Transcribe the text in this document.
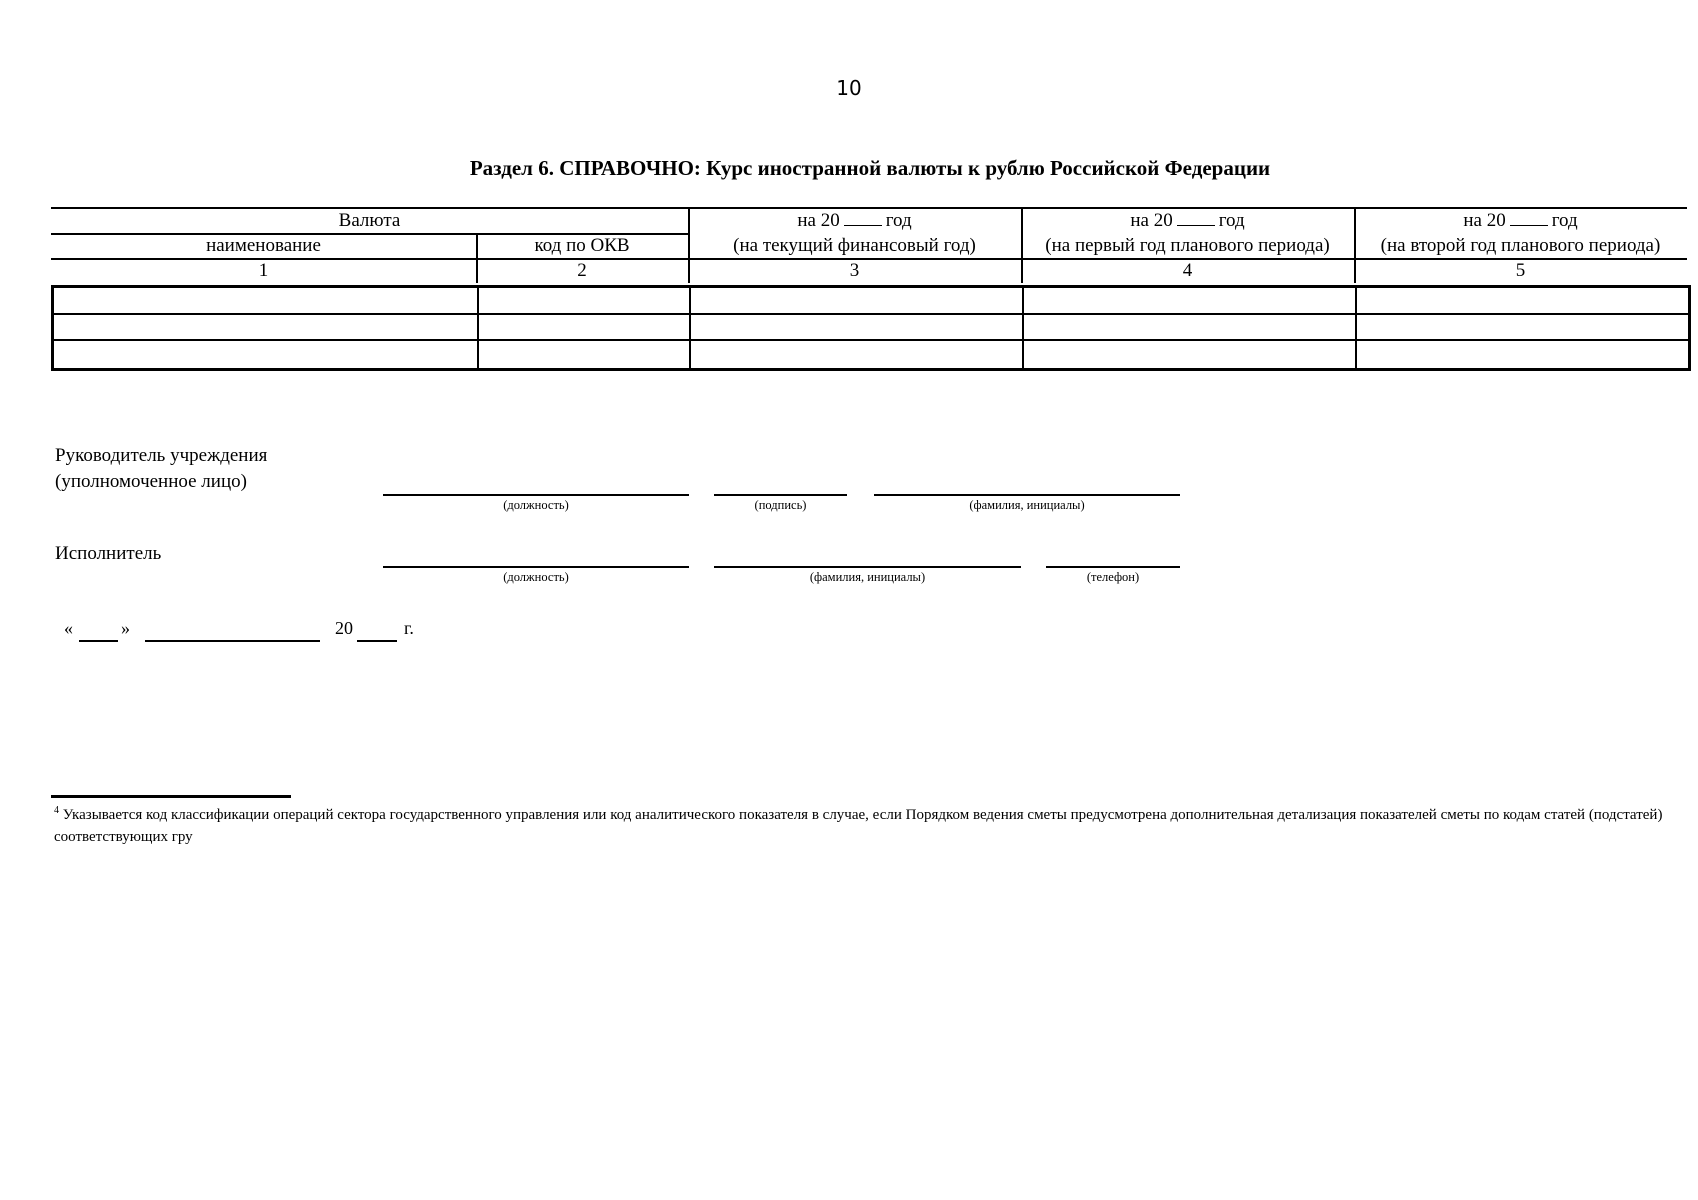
10
Раздел 6. СПРАВОЧНО: Курс иностранной валюты к рублю Российской Федерации
Валюта
наименование	код по ОКВ
на 20 год
(на текущий финансовый год)
на 20 год
(на первый год планового периода)
на 20 год
(на второй год планового периода)
1	2	3	4	5
Руководитель учреждения
(уполномоченное лицо)
(должность)	(подпись)	(фамилия, инициалы)
Исполнитель
(должность)	(фамилия, инициалы)	(телефон)
«	»	20	г.
$^4$ Указывается код классификации операций сектора государственного управления или код аналитического показателя в случае, если Порядком ведения сметы предусмотрена дополнительная детализация показателей сметы по кодам статей (подстатей) соответствующих гру
